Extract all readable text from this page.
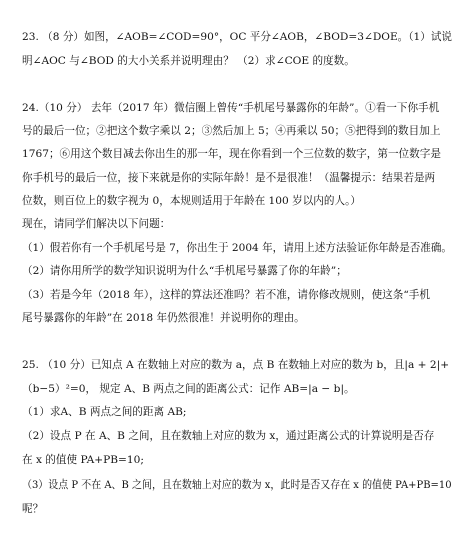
23. （8 分）如图，∠AOB=∠COD=90°，OC 平分∠AOB，∠BOD=3∠DOE。（1）试说
明∠AOC 与∠BOD 的大小关系并说明理由？ （2）求∠COE 的度数。
24.（10 分） 去年（2017 年）微信圈上曾传“手机尾号暴露你的年龄”。①看一下你手机
号的最后一位；②把这个数字乘以 2；③然后加上 5；④再乘以 50；⑤把得到的数目加上
1767；⑥用这个数目减去你出生的那一年，现在你看到一个三位数的数字，第一位数字是
你手机号的最后一位，接下来就是你的实际年龄！是不是很准！（温馨提示：结果若是两
位数，则百位上的数字视为 0，本规则适用于年龄在 100 岁以内的人。）
现在，请同学们解决以下问题：
（1）假若你有一个手机尾号是 7，你出生于 2004 年，请用上述方法验证你年龄是否准确。
（2）请你用所学的数学知识说明为什么“手机尾号暴露了你的年龄”；
（3）若是今年（2018 年），这样的算法还准吗？若不准，请你修改规则，使这条“手机
尾号暴露你的年龄”在 2018 年仍然很准！并说明你的理由。
25. （10 分）已知点 A 在数轴上对应的数为 a，点 B 在数轴上对应的数为 b，且|a + 2|+
（b−5）²=0， 规定 A、B 两点之间的距离公式：记作 AB=|a − b|。
（1）求A、B 两点之间的距离 AB;
（2）设点 P 在 A、B 之间，且在数轴上对应的数为 x，通过距离公式的计算说明是否存
在 x 的值使 PA+PB=10;
（3）设点 P 不在 A、B 之间，且在数轴上对应的数为 x，此时是否又存在 x 的值使 PA+PB=10
呢？
